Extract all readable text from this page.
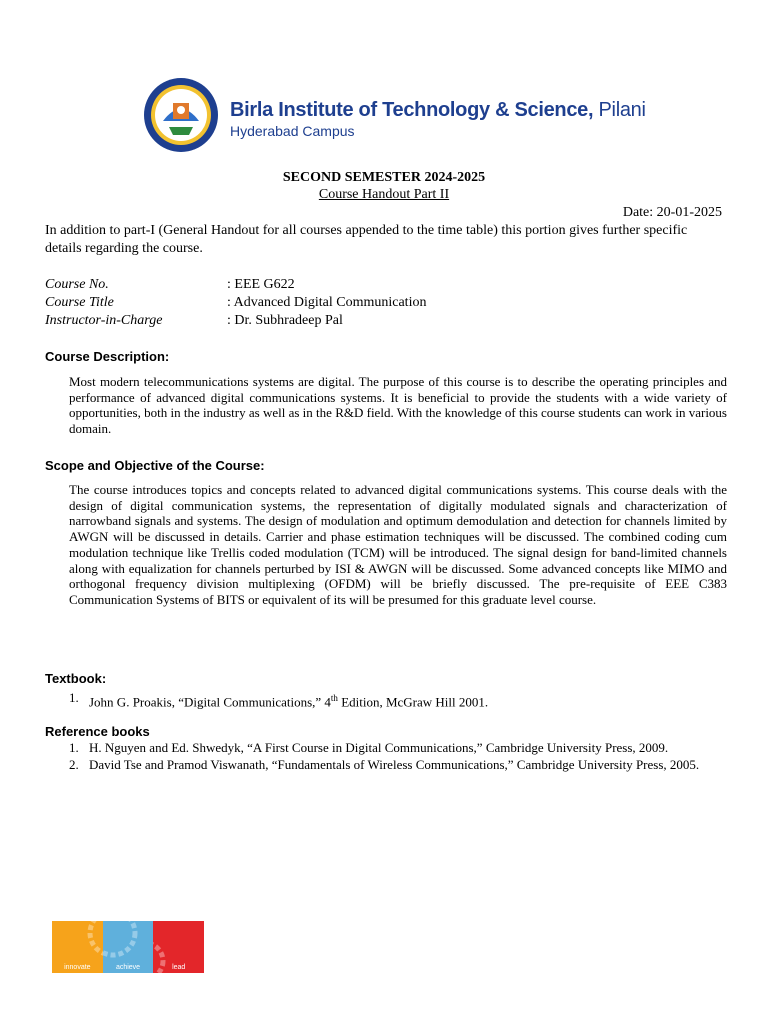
Birla Institute of Technology & Science, Pilani
Hyderabad Campus
SECOND SEMESTER 2024-2025
Course Handout Part II
Date: 20-01-2025
In addition to part-I (General Handout for all courses appended to the time table) this portion gives further specific details regarding the course.
Course No.	: EEE G622
Course Title	: Advanced Digital Communication
Instructor-in-Charge	: Dr. Subhradeep Pal
Course Description:
Most modern telecommunications systems are digital. The purpose of this course is to describe the operating principles and performance of advanced digital communications systems. It is beneficial to provide the students with a wide variety of opportunities, both in the industry as well as in the R&D field. With the knowledge of this course students can work in various domain.
Scope and Objective of the Course:
The course introduces topics and concepts related to advanced digital communications systems. This course deals with the design of digital communication systems, the representation of digitally modulated signals and characterization of narrowband signals and systems. The design of modulation and optimum demodulation and detection for channels limited by AWGN will be discussed in details. Carrier and phase estimation techniques will be discussed. The combined coding cum modulation technique like Trellis coded modulation (TCM) will be introduced. The signal design for band-limited channels along with equalization for channels perturbed by ISI & AWGN will be discussed. Some advanced concepts like MIMO and orthogonal frequency division multiplexing (OFDM) will be briefly discussed. The pre-requisite of EEE C383 Communication Systems of BITS or equivalent of its will be presumed for this graduate level course.
Textbook:
1. John G. Proakis, “Digital Communications,” 4th Edition, McGraw Hill 2001.
Reference books
1. H. Nguyen and Ed. Shwedyk, “A First Course in Digital Communications,” Cambridge University Press, 2009.
2. David Tse and Pramod Viswanath, “Fundamentals of Wireless Communications,” Cambridge University Press, 2005.
innovate	achieve	lead
